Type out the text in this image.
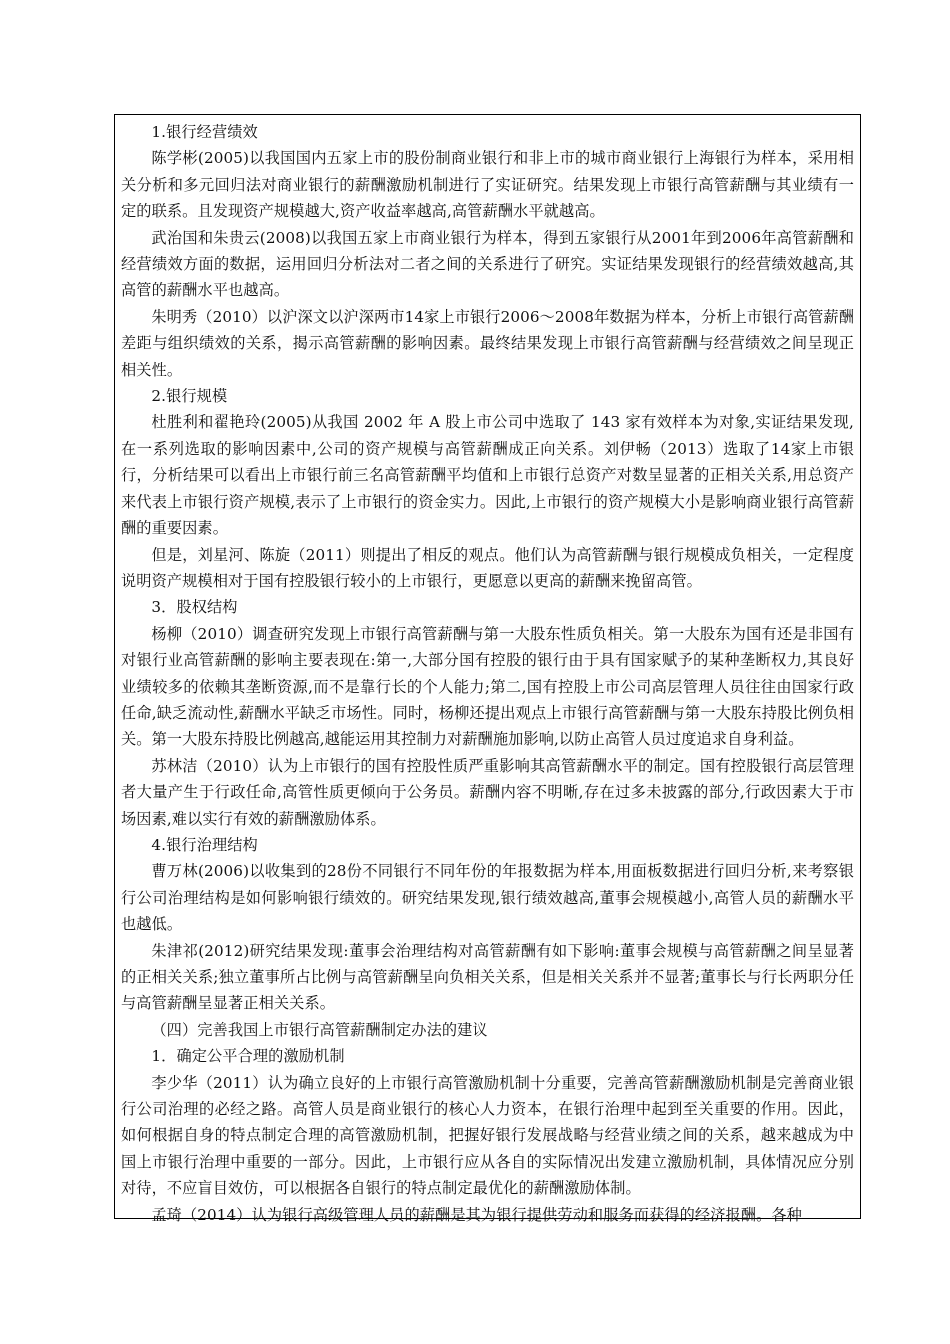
1.银行经营绩效

陈学彬(2005)以我国国内五家上市的股份制商业银行和非上市的城市商业银行上海银行为样本，采用相关分析和多元回归法对商业银行的薪酬激励机制进行了实证研究。结果发现上市银行高管薪酬与其业绩有一定的联系。且发现资产规模越大,资产收益率越高,高管薪酬水平就越高。

武治国和朱贵云(2008)以我国五家上市商业银行为样本，得到五家银行从2001年到2006年高管薪酬和经营绩效方面的数据，运用回归分析法对二者之间的关系进行了研究。实证结果发现银行的经营绩效越高,其高管的薪酬水平也越高。

朱明秀（2010）以沪深文以沪深两市14家上市银行2006～2008年数据为样本，分析上市银行高管薪酬差距与组织绩效的关系，揭示高管薪酬的影响因素。最终结果发现上市银行高管薪酬与经营绩效之间呈现正相关性。

2.银行规模

杜胜利和翟艳玲(2005)从我国 2002 年 A 股上市公司中选取了 143 家有效样本为对象,实证结果发现,在一系列选取的影响因素中,公司的资产规模与高管薪酬成正向关系。刘伊畅（2013）选取了14家上市银行，分析结果可以看出上市银行前三名高管薪酬平均值和上市银行总资产对数呈显著的正相关关系,用总资产来代表上市银行资产规模,表示了上市银行的资金实力。因此,上市银行的资产规模大小是影响商业银行高管薪酬的重要因素。

但是，刘星河、陈旋（2011）则提出了相反的观点。他们认为高管薪酬与银行规模成负相关，一定程度说明资产规模相对于国有控股银行较小的上市银行，更愿意以更高的薪酬来挽留高管。

3．股权结构

杨柳（2010）调查研究发现上市银行高管薪酬与第一大股东性质负相关。第一大股东为国有还是非国有对银行业高管薪酬的影响主要表现在:第一,大部分国有控股的银行由于具有国家赋予的某种垄断权力,其良好业绩较多的依赖其垄断资源,而不是靠行长的个人能力;第二,国有控股上市公司高层管理人员往往由国家行政任命,缺乏流动性,薪酬水平缺乏市场性。同时，杨柳还提出观点上市银行高管薪酬与第一大股东持股比例负相关。第一大股东持股比例越高,越能运用其控制力对薪酬施加影响,以防止高管人员过度追求自身利益。

苏林洁（2010）认为上市银行的国有控股性质严重影响其高管薪酬水平的制定。国有控股银行高层管理者大量产生于行政任命,高管性质更倾向于公务员。薪酬内容不明晰,存在过多未披露的部分,行政因素大于市场因素,难以实行有效的薪酬激励体系。

4.银行治理结构

曹万林(2006)以收集到的28份不同银行不同年份的年报数据为样本,用面板数据进行回归分析,来考察银行公司治理结构是如何影响银行绩效的。研究结果发现,银行绩效越高,董事会规模越小,高管人员的薪酬水平也越低。

朱津祁(2012)研究结果发现:董事会治理结构对高管薪酬有如下影响:董事会规模与高管薪酬之间呈显著的正相关关系;独立董事所占比例与高管薪酬呈向负相关关系，但是相关关系并不显著;董事长与行长两职分任与高管薪酬呈显著正相关关系。

（四）完善我国上市银行高管薪酬制定办法的建议

1．确定公平合理的激励机制

李少华（2011）认为确立良好的上市银行高管激励机制十分重要，完善高管薪酬激励机制是完善商业银行公司治理的必经之路。高管人员是商业银行的核心人力资本，在银行治理中起到至关重要的作用。因此，如何根据自身的特点制定合理的高管激励机制，把握好银行发展战略与经营业绩之间的关系，越来越成为中国上市银行治理中重要的一部分。因此，上市银行应从各自的实际情况出发建立激励机制，具体情况应分别对待，不应盲目效仿，可以根据各自银行的特点制定最优化的薪酬激励体制。

孟琦（2014）认为银行高级管理人员的薪酬是其为银行提供劳动和服务而获得的经济报酬。各种
